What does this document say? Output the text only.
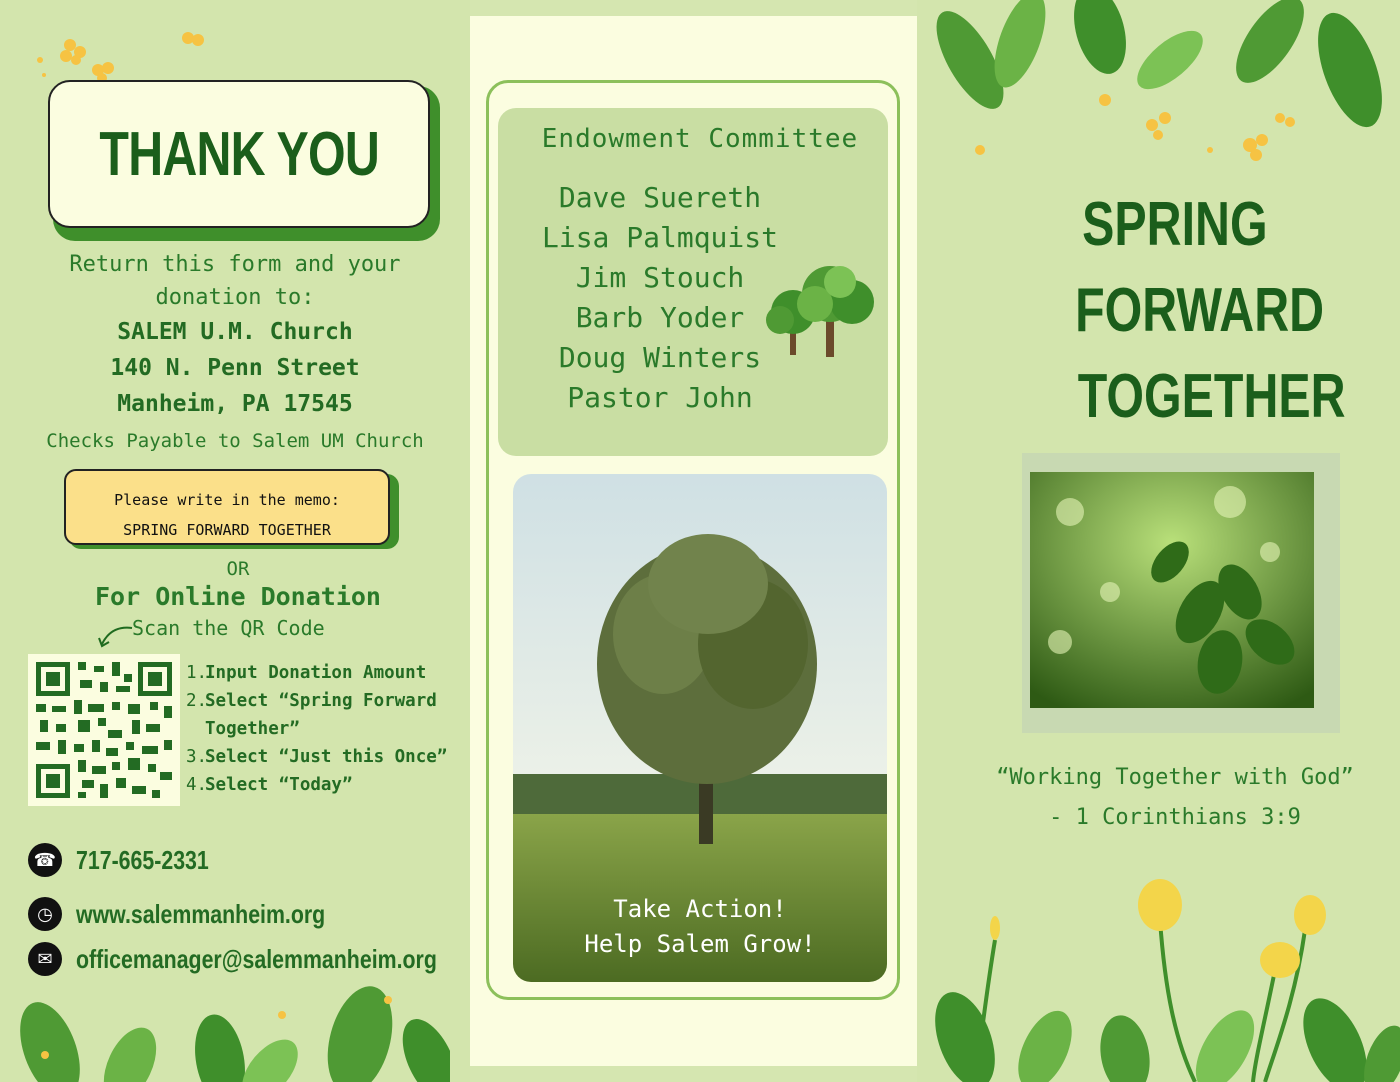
THANK YOU
Return this form and your
donation to:
SALEM U.M. Church
140 N. Penn Street
Manheim, PA 17545
Checks Payable to Salem UM Church
Please write in the memo:
SPRING FORWARD TOGETHER
OR
For Online Donation
Scan the QR Code
1.
Input Donation Amount
2.
Select “Spring Forward Together”
3.
Select “Just this Once”
4.
Select “Today”
☎ 717-665-2331
◷ www.salemmanheim.org
✉ officemanager@salemmanheim.org
Endowment Committee
Dave Suereth
Lisa Palmquist
Jim Stouch
Barb Yoder
Doug Winters
Pastor John
Take Action!
Help Salem Grow!
SPRING
FORWARD
TOGETHER
“Working Together with God”
- 1 Corinthians 3:9
